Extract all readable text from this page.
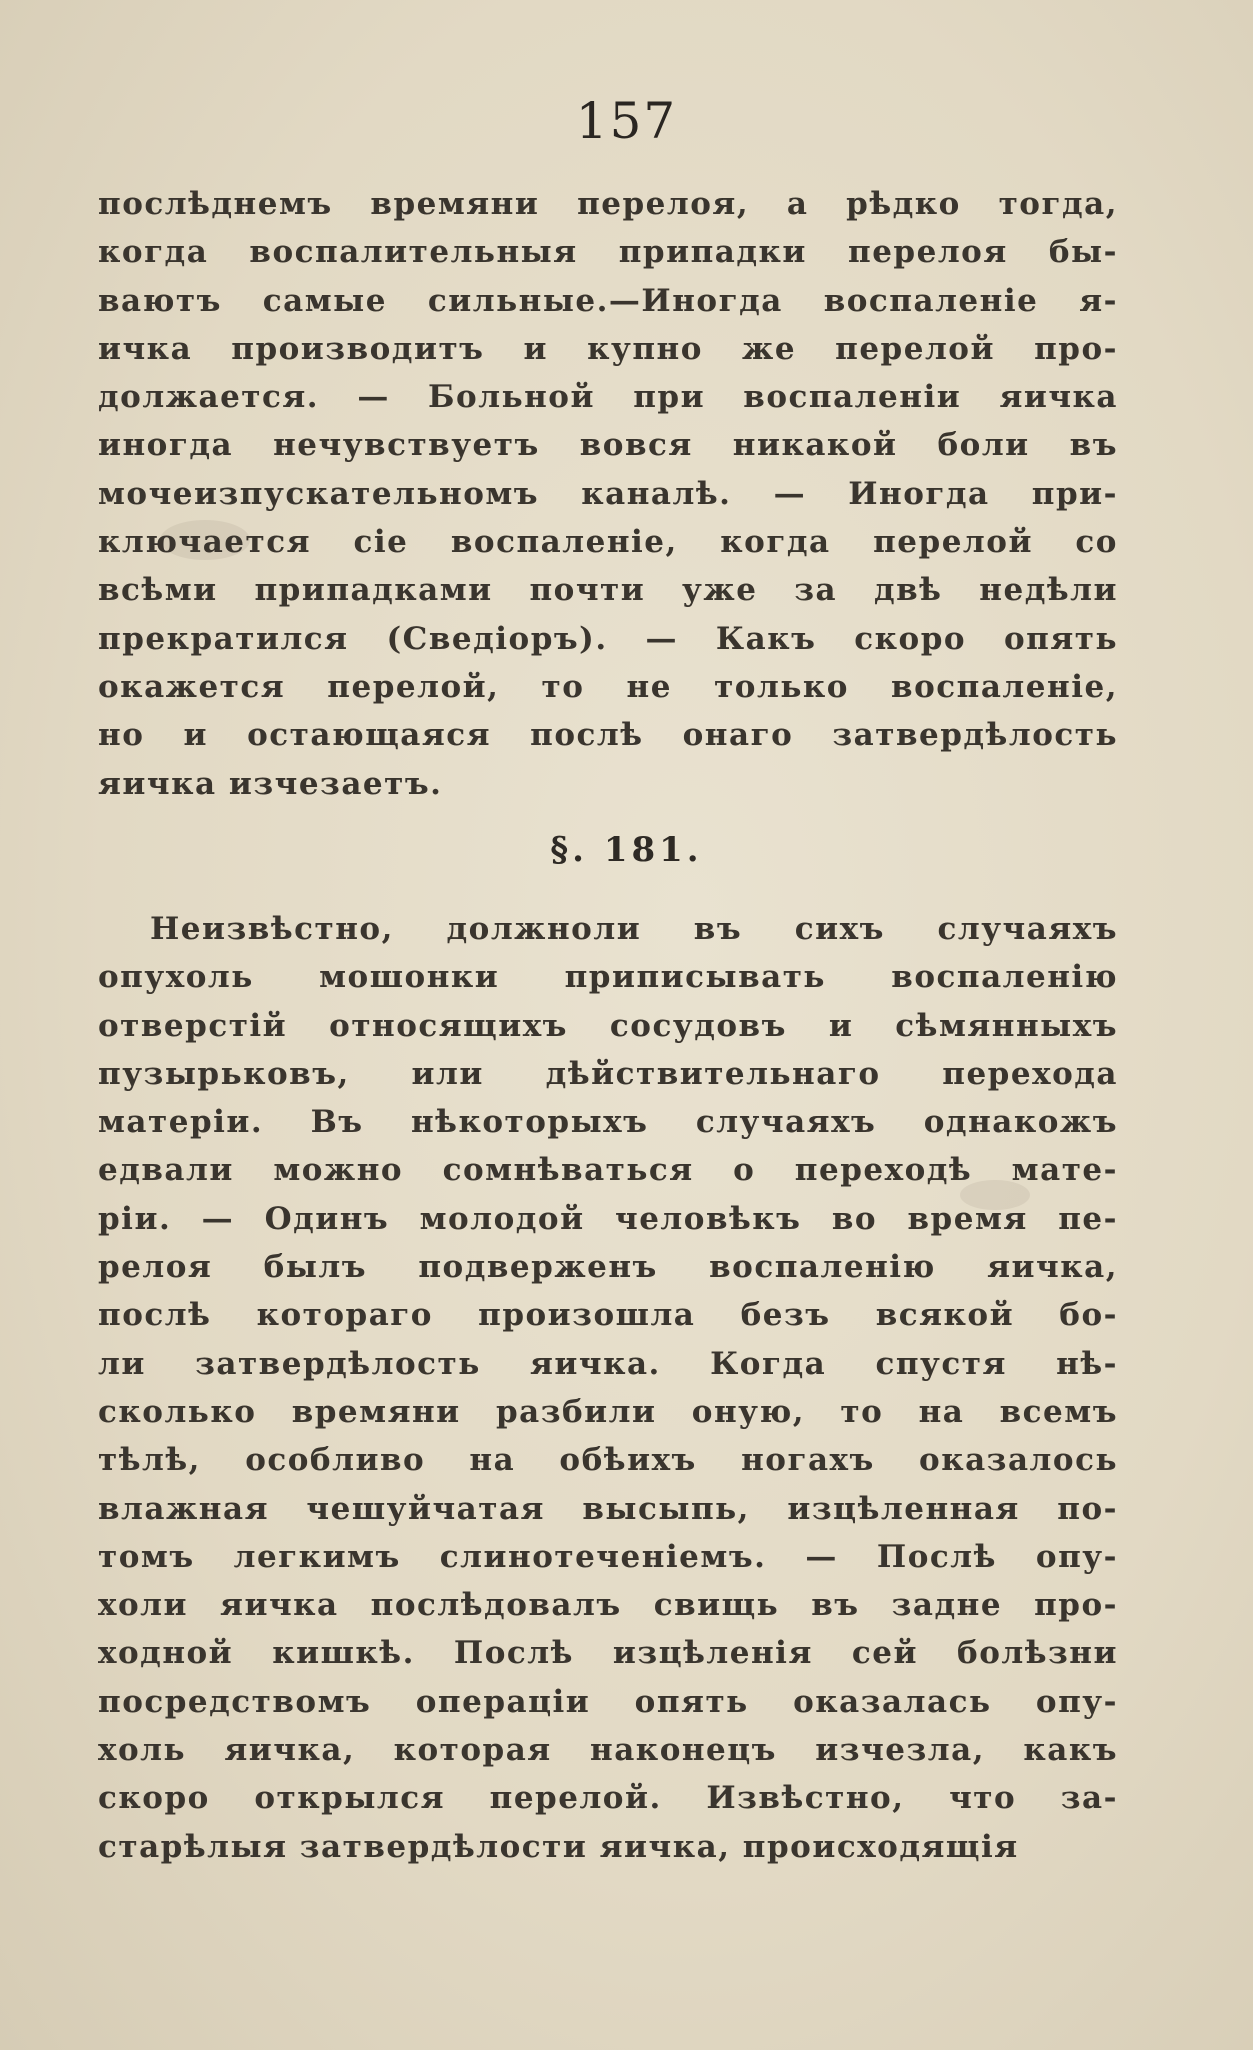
157
послѣднемъ времяни перелоя, а рѣдко тогда,
когда воспалительныя припадки перелоя бы-
ваютъ самые сильные.—Иногда воспаленіе я-
ичка производитъ и купно же перелой про-
должается. — Больной при воспаленіи яичка
иногда нечувствуетъ вовся никакой боли въ
мочеизпускательномъ каналѣ. — Иногда при-
ключается сіе воспаленіе, когда перелой со
всѣми припадками почти уже за двѣ недѣли
прекратился (Сведіоръ). — Какъ скоро опять
окажется перелой, то не только воспаленіе,
но и остающаяся послѣ онаго затвердѣлость
яичка изчезаетъ.
§. 181.
Неизвѣстно, должноли въ сихъ случаяхъ
опухоль мошонки приписывать воспаленію
отверстій относящихъ сосудовъ и сѣмянныхъ
пузырьковъ, или дѣйствительнаго перехода
матеріи. Въ нѣкоторыхъ случаяхъ однакожъ
едвали можно сомнѣваться о переходѣ мате-
ріи. — Одинъ молодой человѣкъ во время пе-
релоя былъ подверженъ воспаленію яичка,
послѣ котораго произошла безъ всякой бо-
ли затвердѣлость яичка. Когда спустя нѣ-
сколько времяни разбили оную, то на всемъ
тѣлѣ, особливо на обѣихъ ногахъ оказалось
влажная чешуйчатая высыпь, изцѣленная по-
томъ легкимъ слинотеченіемъ. — Послѣ опу-
холи яичка послѣдовалъ свищь въ задне про-
ходной кишкѣ. Послѣ изцѣленія сей болѣзни
посредствомъ операціи опять оказалась опу-
холь яичка, которая наконецъ изчезла, какъ
скоро открылся перелой. Извѣстно, что за-
старѣлыя затвердѣлости яичка, происходящія
